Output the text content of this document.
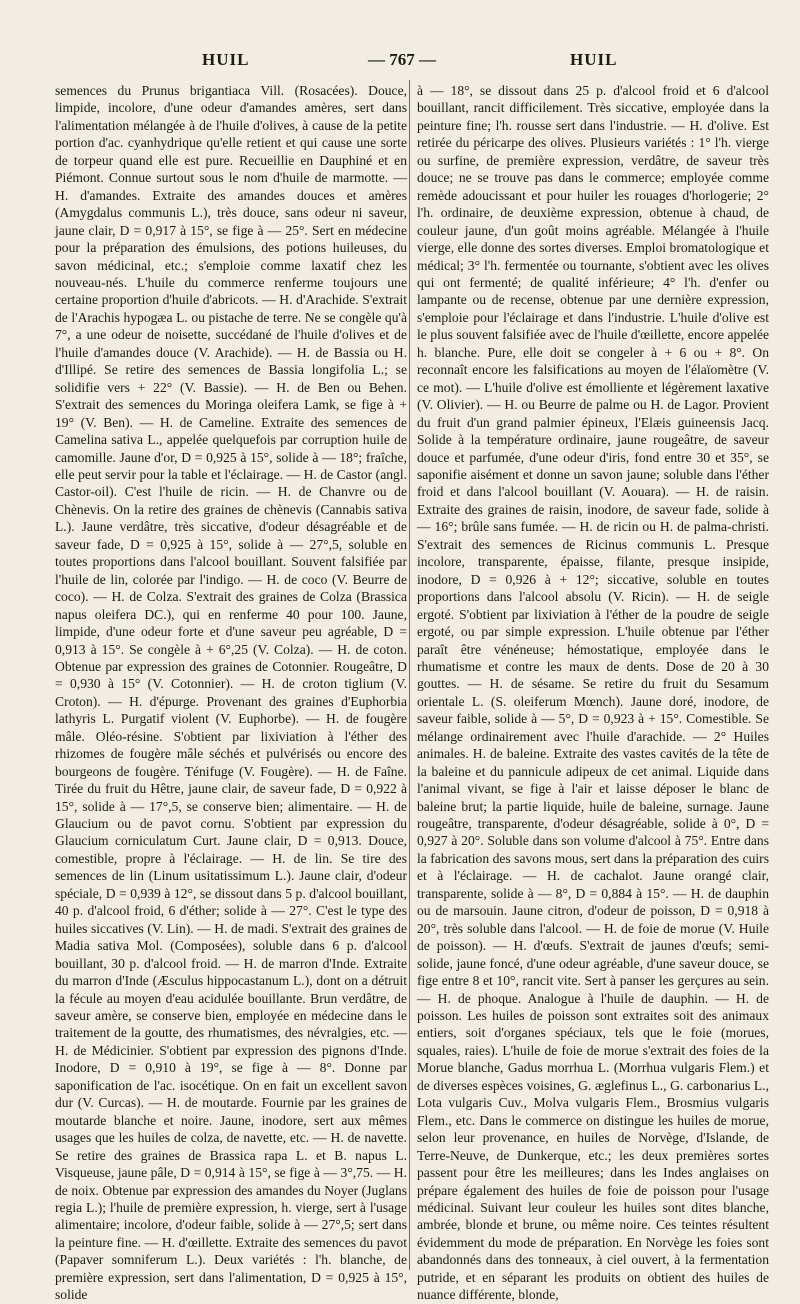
HUIL	— 767 —	HUIL

semences du Prunus brigantiaca Vill. (Rosacées). Douce, limpide, incolore, d'une odeur d'amandes amères, sert dans l'alimentation mélangée à de l'huile d'olives, à cause de la petite portion d'ac. cyanhydrique qu'elle retient et qui cause une sorte de torpeur quand elle est pure. Recueillie en Dauphiné et en Piémont. Connue surtout sous le nom d'huile de marmotte. — H. d'amandes. Extraite des amandes douces et amères (Amygdalus communis L.), très douce, sans odeur ni saveur, jaune clair, D = 0,917 à 15°, se fige à — 25°. Sert en médecine pour la préparation des émulsions, des potions huileuses, du savon médicinal, etc.; s'emploie comme laxatif chez les nouveau-nés. L'huile du commerce renferme toujours une certaine proportion d'huile d'abricots. — H. d'Arachide. S'extrait de l'Arachis hypogæa L. ou pistache de terre. Ne se congèle qu'à 7°, a une odeur de noisette, succédané de l'huile d'olives et de l'huile d'amandes douce (V. Arachide). — H. de Bassia ou H. d'Illipé. Se retire des semences de Bassia longifolia L.; se solidifie vers + 22° (V. Bassie). — H. de Ben ou Behen. S'extrait des semences du Moringa oleifera Lamk, se fige à + 19° (V. Ben). — H. de Cameline. Extraite des semences de Camelina sativa L., appelée quelquefois par corruption huile de camomille. Jaune d'or, D = 0,925 à 15°, solide à — 18°; fraîche, elle peut servir pour la table et l'éclairage. — H. de Castor (angl. Castor-oil). C'est l'huile de ricin. — H. de Chanvre ou de Chènevis. On la retire des graines de chènevis (Cannabis sativa L.). Jaune verdâtre, très siccative, d'odeur désagréable et de saveur fade, D = 0,925 à 15°, solide à — 27°,5, soluble en toutes proportions dans l'alcool bouillant. Souvent falsifiée par l'huile de lin, colorée par l'indigo. — H. de coco (V. Beurre de coco). — H. de Colza. S'extrait des graines de Colza (Brassica napus oleifera DC.), qui en renferme 40 pour 100. Jaune, limpide, d'une odeur forte et d'une saveur peu agréable, D = 0,913 à 15°. Se congèle à + 6°,25 (V. Colza). — H. de coton. Obtenue par expression des graines de Cotonnier. Rougeâtre, D = 0,930 à 15° (V. Cotonnier). — H. de croton tiglium (V. Croton). — H. d'épurge. Provenant des graines d'Euphorbia lathyris L. Purgatif violent (V. Euphorbe). — H. de fougère mâle. Oléo-résine. S'obtient par lixiviation à l'éther des rhizomes de fougère mâle séchés et pulvérisés ou encore des bourgeons de fougère. Ténifuge (V. Fougère). — H. de Faîne. Tirée du fruit du Hêtre, jaune clair, de saveur fade, D = 0,922 à 15°, solide à — 17°,5, se conserve bien; alimentaire. — H. de Glaucium ou de pavot cornu. S'obtient par expression du Glaucium corniculatum Curt. Jaune clair, D = 0,913. Douce, comestible, propre à l'éclairage. — H. de lin. Se tire des semences de lin (Linum usitatissimum L.). Jaune clair, d'odeur spéciale, D = 0,939 à 12°, se dissout dans 5 p. d'alcool bouillant, 40 p. d'alcool froid, 6 d'éther; solide à — 27°. C'est le type des huiles siccatives (V. Lin). — H. de madi. S'extrait des graines de Madia sativa Mol. (Composées), soluble dans 6 p. d'alcool bouillant, 30 p. d'alcool froid. — H. de marron d'Inde. Extraite du marron d'Inde (Æsculus hippocastanum L.), dont on a détruit la fécule au moyen d'eau acidulée bouillante. Brun verdâtre, de saveur amère, se conserve bien, employée en médecine dans le traitement de la goutte, des rhumatismes, des névralgies, etc. — H. de Médicinier. S'obtient par expression des pignons d'Inde. Inodore, D = 0,910 à 19°, se fige à — 8°. Donne par saponification de l'ac. isocétique. On en fait un excellent savon dur (V. Curcas). — H. de moutarde. Fournie par les graines de moutarde blanche et noire. Jaune, inodore, sert aux mêmes usages que les huiles de colza, de navette, etc. — H. de navette. Se retire des graines de Brassica rapa L. et B. napus L. Visqueuse, jaune pâle, D = 0,914 à 15°, se fige à — 3°,75. — H. de noix. Obtenue par expression des amandes du Noyer (Juglans regia L.); l'huile de première expression, h. vierge, sert à l'usage alimentaire; incolore, d'odeur faible, solide à — 27°,5; sert dans la peinture fine. — H. d'œillette. Extraite des semences du pavot (Papaver somniferum L.). Deux variétés : l'h. blanche, de première expression, sert dans l'alimentation, D = 0,925 à 15°, solide

à — 18°, se dissout dans 25 p. d'alcool froid et 6 d'alcool bouillant, rancit difficilement. Très siccative, employée dans la peinture fine; l'h. rousse sert dans l'industrie. — H. d'olive. Est retirée du péricarpe des olives. Plusieurs variétés : 1° l'h. vierge ou surfine, de première expression, verdâtre, de saveur très douce; ne se trouve pas dans le commerce; employée comme remède adoucissant et pour huiler les rouages d'horlogerie; 2° l'h. ordinaire, de deuxième expression, obtenue à chaud, de couleur jaune, d'un goût moins agréable. Mélangée à l'huile vierge, elle donne des sortes diverses. Emploi bromatologique et médical; 3° l'h. fermentée ou tournante, s'obtient avec les olives qui ont fermenté; de qualité inférieure; 4° l'h. d'enfer ou lampante ou de recense, obtenue par une dernière expression, s'emploie pour l'éclairage et dans l'industrie. L'huile d'olive est le plus souvent falsifiée avec de l'huile d'œillette, encore appelée h. blanche. Pure, elle doit se congeler à + 6 ou + 8°. On reconnaît encore les falsifications au moyen de l'élaïomètre (V. ce mot). — L'huile d'olive est émolliente et légèrement laxative (V. Olivier). — H. ou Beurre de palme ou H. de Lagor. Provient du fruit d'un grand palmier épineux, l'Elæis guineensis Jacq. Solide à la température ordinaire, jaune rougeâtre, de saveur douce et parfumée, d'une odeur d'iris, fond entre 30 et 35°, se saponifie aisément et donne un savon jaune; soluble dans l'éther froid et dans l'alcool bouillant (V. Aouara). — H. de raisin. Extraite des graines de raisin, inodore, de saveur fade, solide à — 16°; brûle sans fumée. — H. de ricin ou H. de palma-christi. S'extrait des semences de Ricinus communis L. Presque incolore, transparente, épaisse, filante, presque insipide, inodore, D = 0,926 à + 12°; siccative, soluble en toutes proportions dans l'alcool absolu (V. Ricin). — H. de seigle ergoté. S'obtient par lixiviation à l'éther de la poudre de seigle ergoté, ou par simple expression. L'huile obtenue par l'éther paraît être vénéneuse; hémostatique, employée dans le rhumatisme et contre les maux de dents. Dose de 20 à 30 gouttes. — H. de sésame. Se retire du fruit du Sesamum orientale L. (S. oleiferum Mœnch). Jaune doré, inodore, de saveur faible, solide à — 5°, D = 0,923 à + 15°. Comestible. Se mélange ordinairement avec l'huile d'arachide. — 2° Huiles animales. H. de baleine. Extraite des vastes cavités de la tête de la baleine et du pannicule adipeux de cet animal. Liquide dans l'animal vivant, se fige à l'air et laisse déposer le blanc de baleine brut; la partie liquide, huile de baleine, surnage. Jaune rougeâtre, transparente, d'odeur désagréable, solide à 0°, D = 0,927 à 20°. Soluble dans son volume d'alcool à 75°. Entre dans la fabrication des savons mous, sert dans la préparation des cuirs et à l'éclairage. — H. de cachalot. Jaune orangé clair, transparente, solide à — 8°, D = 0,884 à 15°. — H. de dauphin ou de marsouin. Jaune citron, d'odeur de poisson, D = 0,918 à 20°, très soluble dans l'alcool. — H. de foie de morue (V. Huile de poisson). — H. d'œufs. S'extrait de jaunes d'œufs; semi-solide, jaune foncé, d'une odeur agréable, d'une saveur douce, se fige entre 8 et 10°, rancit vite. Sert à panser les gerçures au sein. — H. de phoque. Analogue à l'huile de dauphin. — H. de poisson. Les huiles de poisson sont extraites soit des animaux entiers, soit d'organes spéciaux, tels que le foie (morues, squales, raies). L'huile de foie de morue s'extrait des foies de la Morue blanche, Gadus morrhua L. (Morrhua vulgaris Flem.) et de diverses espèces voisines, G. æglefinus L., G. carbonarius L., Lota vulgaris Cuv., Molva vulgaris Flem., Brosmius vulgaris Flem., etc. Dans le commerce on distingue les huiles de morue, selon leur provenance, en huiles de Norvège, d'Islande, de Terre-Neuve, de Dunkerque, etc.; les deux premières sortes passent pour être les meilleures; dans les Indes anglaises on prépare également des huiles de foie de poisson pour l'usage médicinal. Suivant leur couleur les huiles sont dites blanche, ambrée, blonde et brune, ou même noire. Ces teintes résultent évidemment du mode de préparation. En Norvège les foies sont abandonnés dans des tonneaux, à ciel ouvert, à la fermentation putride, et en séparant les produits on obtient des huiles de nuance différente, blonde,
